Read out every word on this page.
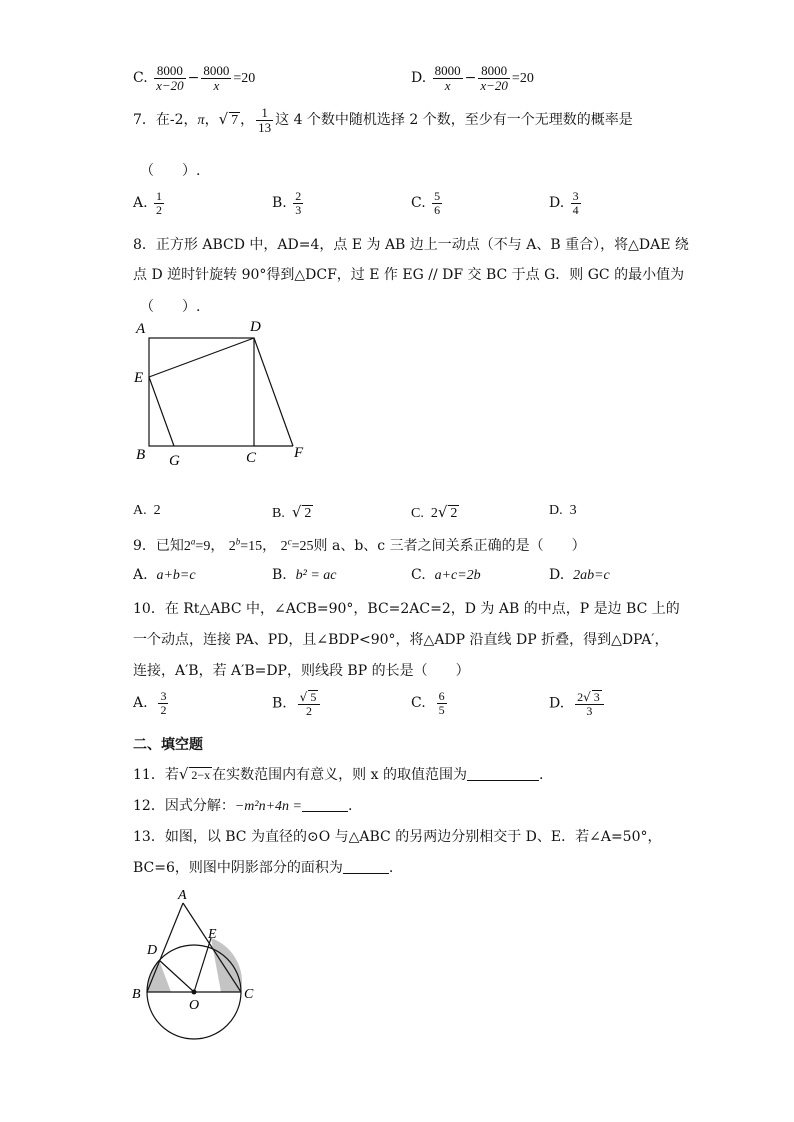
C. $\frac{8000}{x-20} - \frac{8000}{x} =20$	D. $\frac{8000}{x} - \frac{8000}{x-20} =20$
7．在-2，π，√ 7 ， $\frac{1}{13}$ 这 4 个数中随机选择 2 个数，至少有一个无理数的概率是
（　　）.
A. $\frac{1}{2}$	B. $\frac{2}{3}$	C. $\frac{5}{6}$	D. $\frac{3}{4}$
8．正方形 ABCD 中，AD=4，点 E 为 AB 边上一动点（不与 A、B 重合），将△DAE 绕
点 D 逆时针旋转 90°得到△DCF，过 E 作 EG // DF 交 BC 于点 G．则 GC 的最小值为
（　　）.
A	D
E
B G	C	F
A. 2	B. √ 2	C. 2√ 2	D. 3
9．已知$2^a=9$， $2^b=15$， $2^c=25$则 a、b、c 三者之间关系正确的是（　　）
A. a+b=c	B. b² = ac	C. a+c=2b	D. 2ab=c
10．在 Rt△ABC 中，∠ACB=90°，BC=2AC=2，D 为 AB 的中点，P 是边 BC 上的
一个动点，连接 PA、PD，且∠BDP<90°，将△ADP 沿直线 DP 折叠，得到△DPA′，
连接，A′B，若 A′B=DP，则线段 BP 的长是（　　）
A. $\frac{3}{2}$	B. $\frac{√ 5}{2}$	C. $\frac{6}{5}$	D. $\frac{2√ 3}{3}$
二、填空题
11．若√ 2−x 在实数范围内有意义，则 x 的取值范围为	.
12．因式分解：−m²n+4n =	.
13．如图，以 BC 为直径的⊙O 与△ABC 的另两边分别相交于 D、E．若∠A=50°，
BC=6，则图中阴影部分的面积为	.
A
D
E
B
O
C
